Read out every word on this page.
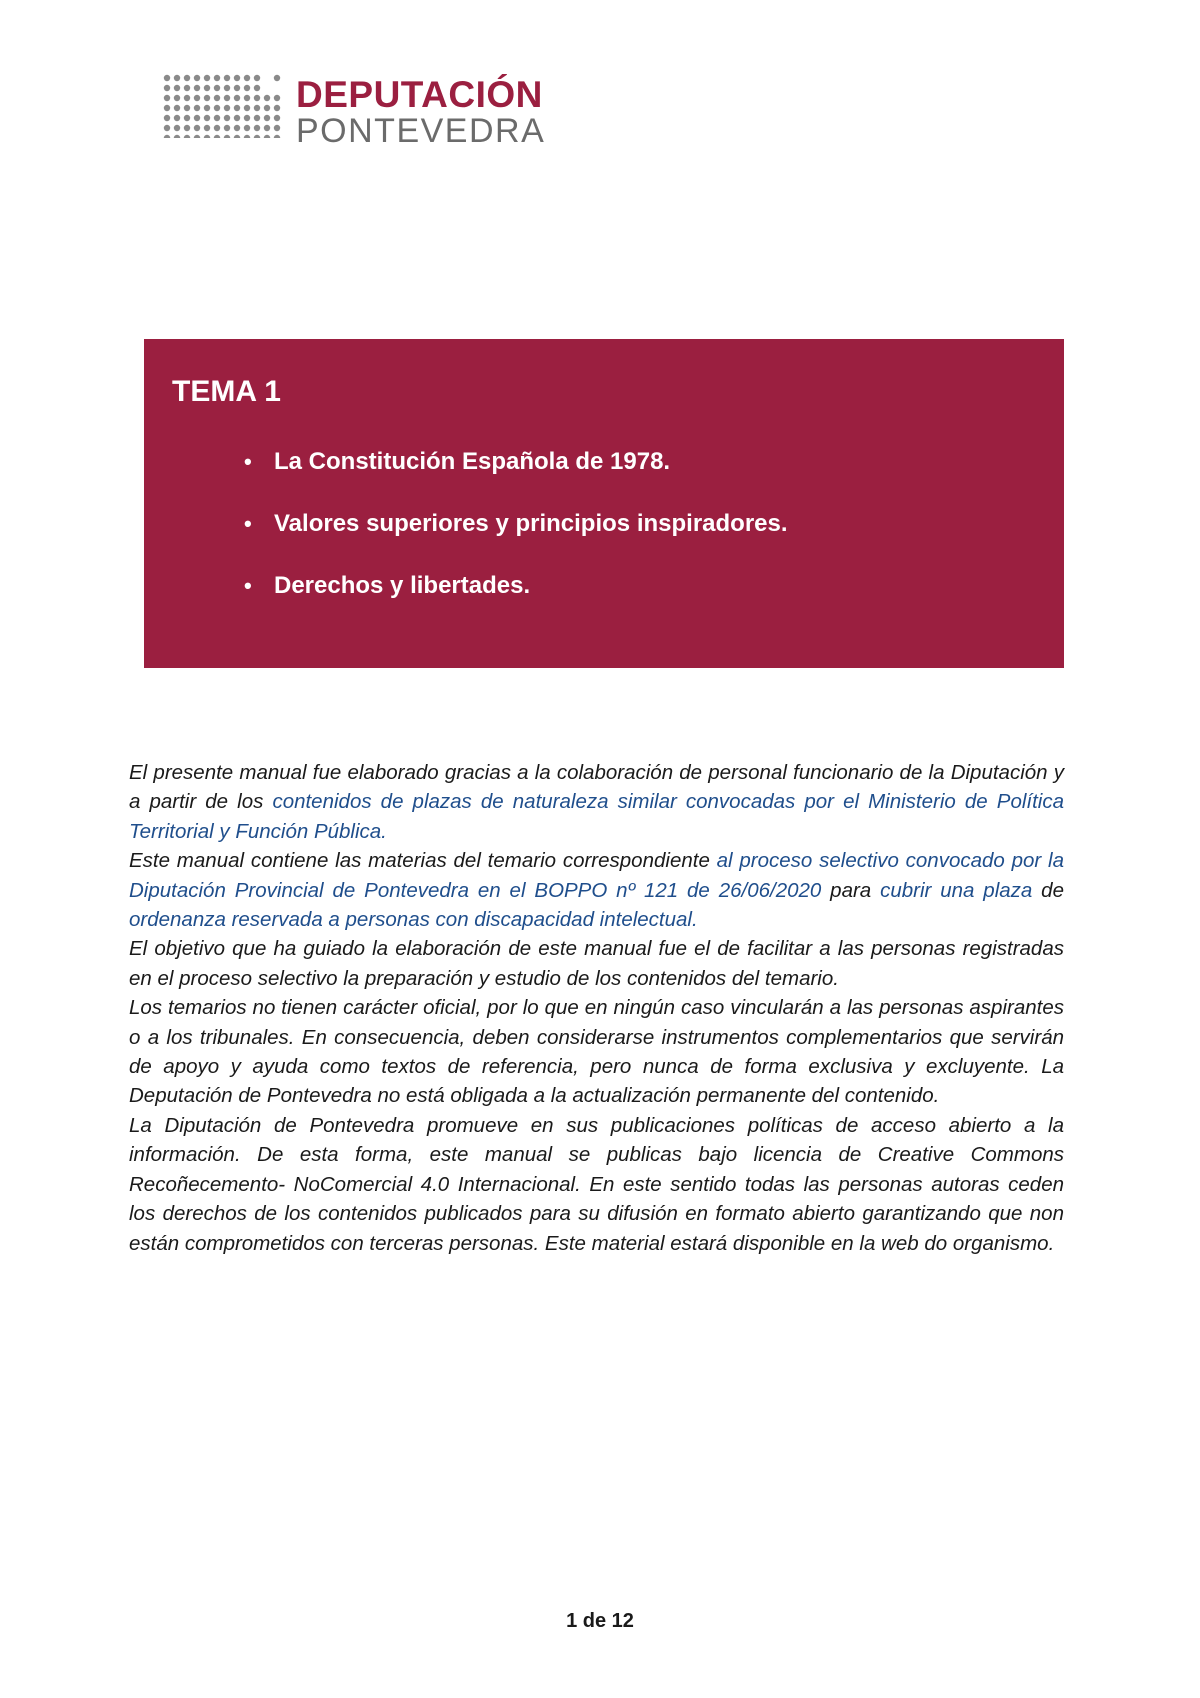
DEPUTACIÓN
PONTEVEDRA
TEMA 1
• La Constitución Española de 1978.
• Valores superiores y principios inspiradores.
• Derechos y libertades.

El presente manual fue elaborado gracias a la colaboración de personal funcionario de la Diputación y a partir de los contenidos de plazas de naturaleza similar convocadas por el Ministerio de Política Territorial y Función Pública.

Este manual contiene las materias del temario correspondiente al proceso selectivo convocado por la Diputación Provincial de Pontevedra en el BOPPO nº 121 de 26/06/2020 para cubrir una plaza de ordenanza reservada a personas con discapacidad intelectual.

El objetivo que ha guiado la elaboración de este manual fue el de facilitar a las personas registradas en el proceso selectivo la preparación y estudio de los contenidos del temario.

Los temarios no tienen carácter oficial, por lo que en ningún caso vincularán a las personas aspirantes o a los tribunales. En consecuencia, deben considerarse instrumentos complementarios que servirán de apoyo y ayuda como textos de referencia, pero nunca de forma exclusiva y excluyente. La Deputación de Pontevedra no está obligada a la actualización permanente del contenido.

La Diputación de Pontevedra promueve en sus publicaciones políticas de acceso abierto a la información. De esta forma, este manual se publicas bajo licencia de Creative Commons Recoñecemento- NoComercial 4.0 Internacional. En este sentido todas las personas autoras ceden los derechos de los contenidos publicados para su difusión en formato abierto garantizando que non están comprometidos con terceras personas. Este material estará disponible en la web do organismo.

1 de 12
